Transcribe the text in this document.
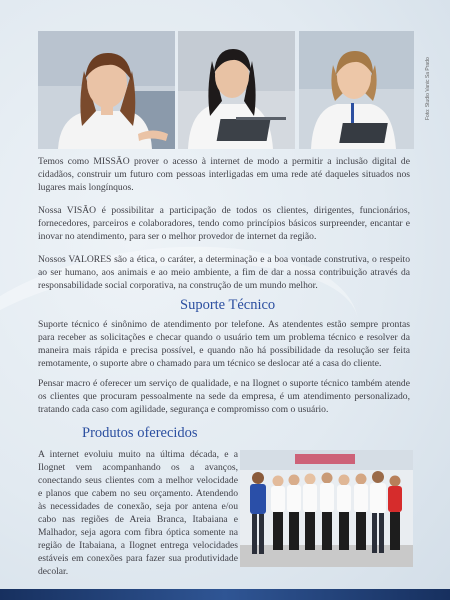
Foto: Studio Vanic Sa Prado

Temos como MISSÃO prover o acesso à internet de modo a permitir a inclusão digital de cidadãos, construir um futuro com pessoas interligadas em uma rede até daqueles situados nos lugares mais longínquos.

Nossa VISÃO é possibilitar a participação de todos os clientes, dirigentes, funcionários, fornecedores, parceiros e colaboradores, tendo como princípios básicos surpreender, encantar e inovar no atendimento, para ser o melhor provedor de internet da região.

Nossos VALORES são a ética, o caráter, a determinação e a boa vontade construtiva, o respeito ao ser humano, aos animais e ao meio ambiente, a fim de dar a nossa contribuição através da responsabilidade social corporativa, na construção de um mundo melhor.

Suporte Técnico

Suporte técnico é sinônimo de atendimento por telefone. As atendentes estão sempre prontas para receber as solicitações e checar quando o usuário tem um problema técnico e resolver da maneira mais rápida e precisa possível, e quando não há possibilidade da resolução ser feita remotamente, o suporte abre o chamado para um técnico se deslocar até a casa do cliente.

Pensar macro é oferecer um serviço de qualidade, e na Ilognet o suporte técnico também atende os clientes que procuram pessoalmente na sede da empresa, é um atendimento personalizado, tratando cada caso com agilidade, segurança e compromisso com o usuário.

Produtos oferecidos

A internet evoluiu muito na última década, e a Ilognet vem acompanhando os a avanços, conectando seus clientes com a melhor velocidade e planos que cabem no seu orçamento. Atendendo às necessidades de conexão, seja por antena e/ou cabo nas regiões de Areia Branca, Itabaiana e Malhador, seja agora com fibra óptica somente na região de Itabaiana, a Ilognet entrega velocidades estáveis em conexões para fazer sua produtividade decolar.
